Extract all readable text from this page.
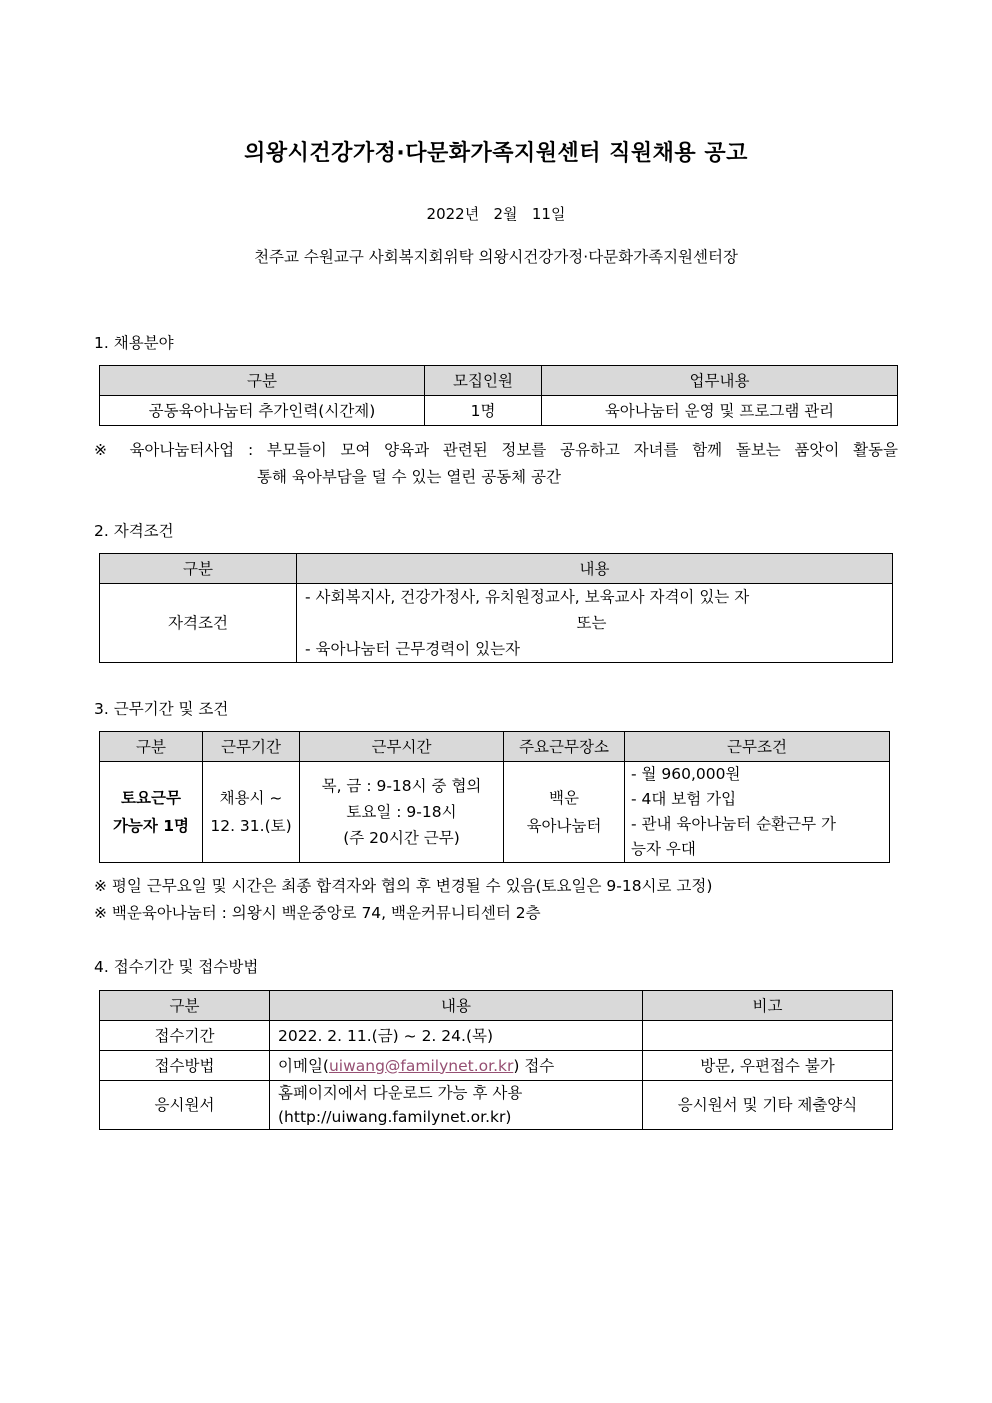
의왕시건강가정·다문화가족지원센터 직원채용 공고
2022년   2월   11일
천주교 수원교구 사회복지회위탁 의왕시건강가정·다문화가족지원센터장
1. 채용분야
구분	모집인원	업무내용
공동육아나눔터 추가인력(시간제)	1명	육아나눔터 운영 및 프로그램 관리
※ 육아나눔터사업 : 부모들이 모여 양육과 관련된 정보를 공유하고 자녀를 함께 돌보는 품앗이 활동을
통해 육아부담을 덜 수 있는 열린 공동체 공간
2. 자격조건
구분	내용
자격조건	- 사회복지사, 건강가정사, 유치원정교사, 보육교사 자격이 있는 자
또는
- 육아나눔터 근무경력이 있는자
3. 근무기간 및 조건
구분	근무기간	근무시간	주요근무장소	근무조건

토요근무
가능자 1명	채용시 ~
12. 31.(토)	목, 금 : 9-18시 중 협의
토요일 : 9-18시
(주 20시간 근무)	백운
육아나눔터	- 월 960,000원
- 4대 보험 가입
- 관내 육아나눔터 순환근무 가
능자 우대
※ 평일 근무요일 및 시간은 최종 합격자와 협의 후 변경될 수 있음(토요일은 9-18시로 고정)
※ 백운육아나눔터 : 의왕시 백운중앙로 74, 백운커뮤니티센터 2층
4. 접수기간 및 접수방법
구분	내용	비고
접수기간	2022. 2. 11.(금) ~ 2. 24.(목)	
접수방법	이메일(uiwang@familynet.or.kr) 접수	방문, 우편접수 불가
응시원서	홈페이지에서 다운로드 가능 후 사용
(http://uiwang.familynet.or.kr)	응시원서 및 기타 제출양식
